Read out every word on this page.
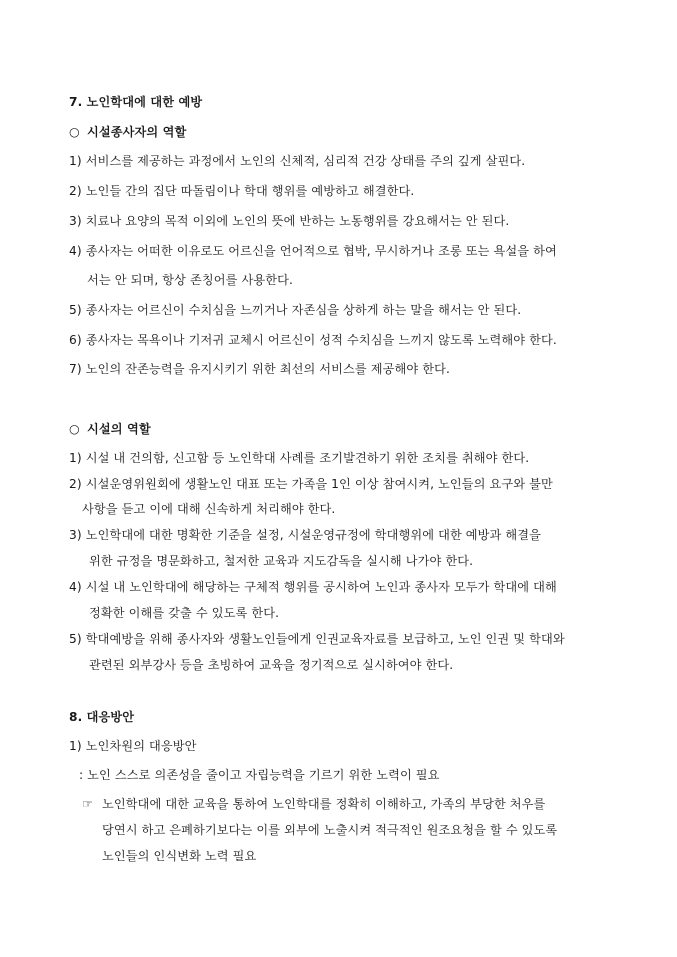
7. 노인학대에 대한 예방
○ 시설종사자의 역할
1) 서비스를 제공하는 과정에서 노인의 신체적, 심리적 건강 상태를 주의 깊게 살핀다.
2) 노인들 간의 집단 따돌림이나 학대 행위를 예방하고 해결한다.
3) 치료나 요양의 목적 이외에 노인의 뜻에 반하는 노동행위를 강요해서는 안 된다.
4) 종사자는 어떠한 이유로도 어르신을 언어적으로 협박, 무시하거나 조롱 또는 욕설을 하여
서는 안 되며, 항상 존칭어를 사용한다.
5) 종사자는 어르신이 수치심을 느끼거나 자존심을 상하게 하는 말을 해서는 안 된다.
6) 종사자는 목욕이나 기저귀 교체시 어르신이 성적 수치심을 느끼지 않도록 노력해야 한다.
7) 노인의 잔존능력을 유지시키기 위한 최선의 서비스를 제공해야 한다.
○ 시설의 역할
1) 시설 내 건의함, 신고함 등 노인학대 사례를 조기발견하기 위한 조치를 취해야 한다.
2) 시설운영위원회에 생활노인 대표 또는 가족을 1인 이상 참여시켜, 노인들의 요구와 불만
사항을 듣고 이에 대해 신속하게 처리해야 한다.
3) 노인학대에 대한 명확한 기준을 설정, 시설운영규정에 학대행위에 대한 예방과 해결을
위한 규정을 명문화하고, 철저한 교육과 지도감독을 실시해 나가야 한다.
4) 시설 내 노인학대에 해당하는 구체적 행위를 공시하여 노인과 종사자 모두가 학대에 대해
정확한 이해를 갖출 수 있도록 한다.
5) 학대예방을 위해 종사자와 생활노인들에게 인권교육자료를 보급하고, 노인 인권 및 학대와
관련된 외부강사 등을 초빙하여 교육을 정기적으로 실시하여야 한다.
8. 대응방안
1) 노인차원의 대응방안
: 노인 스스로 의존성을 줄이고 자립능력을 기르기 위한 노력이 필요
☞ 노인학대에 대한 교육을 통하여 노인학대를 정확히 이해하고, 가족의 부당한 처우를
당연시 하고 은폐하기보다는 이를 외부에 노출시켜 적극적인 원조요청을 할 수 있도록
노인들의 인식변화 노력 필요
